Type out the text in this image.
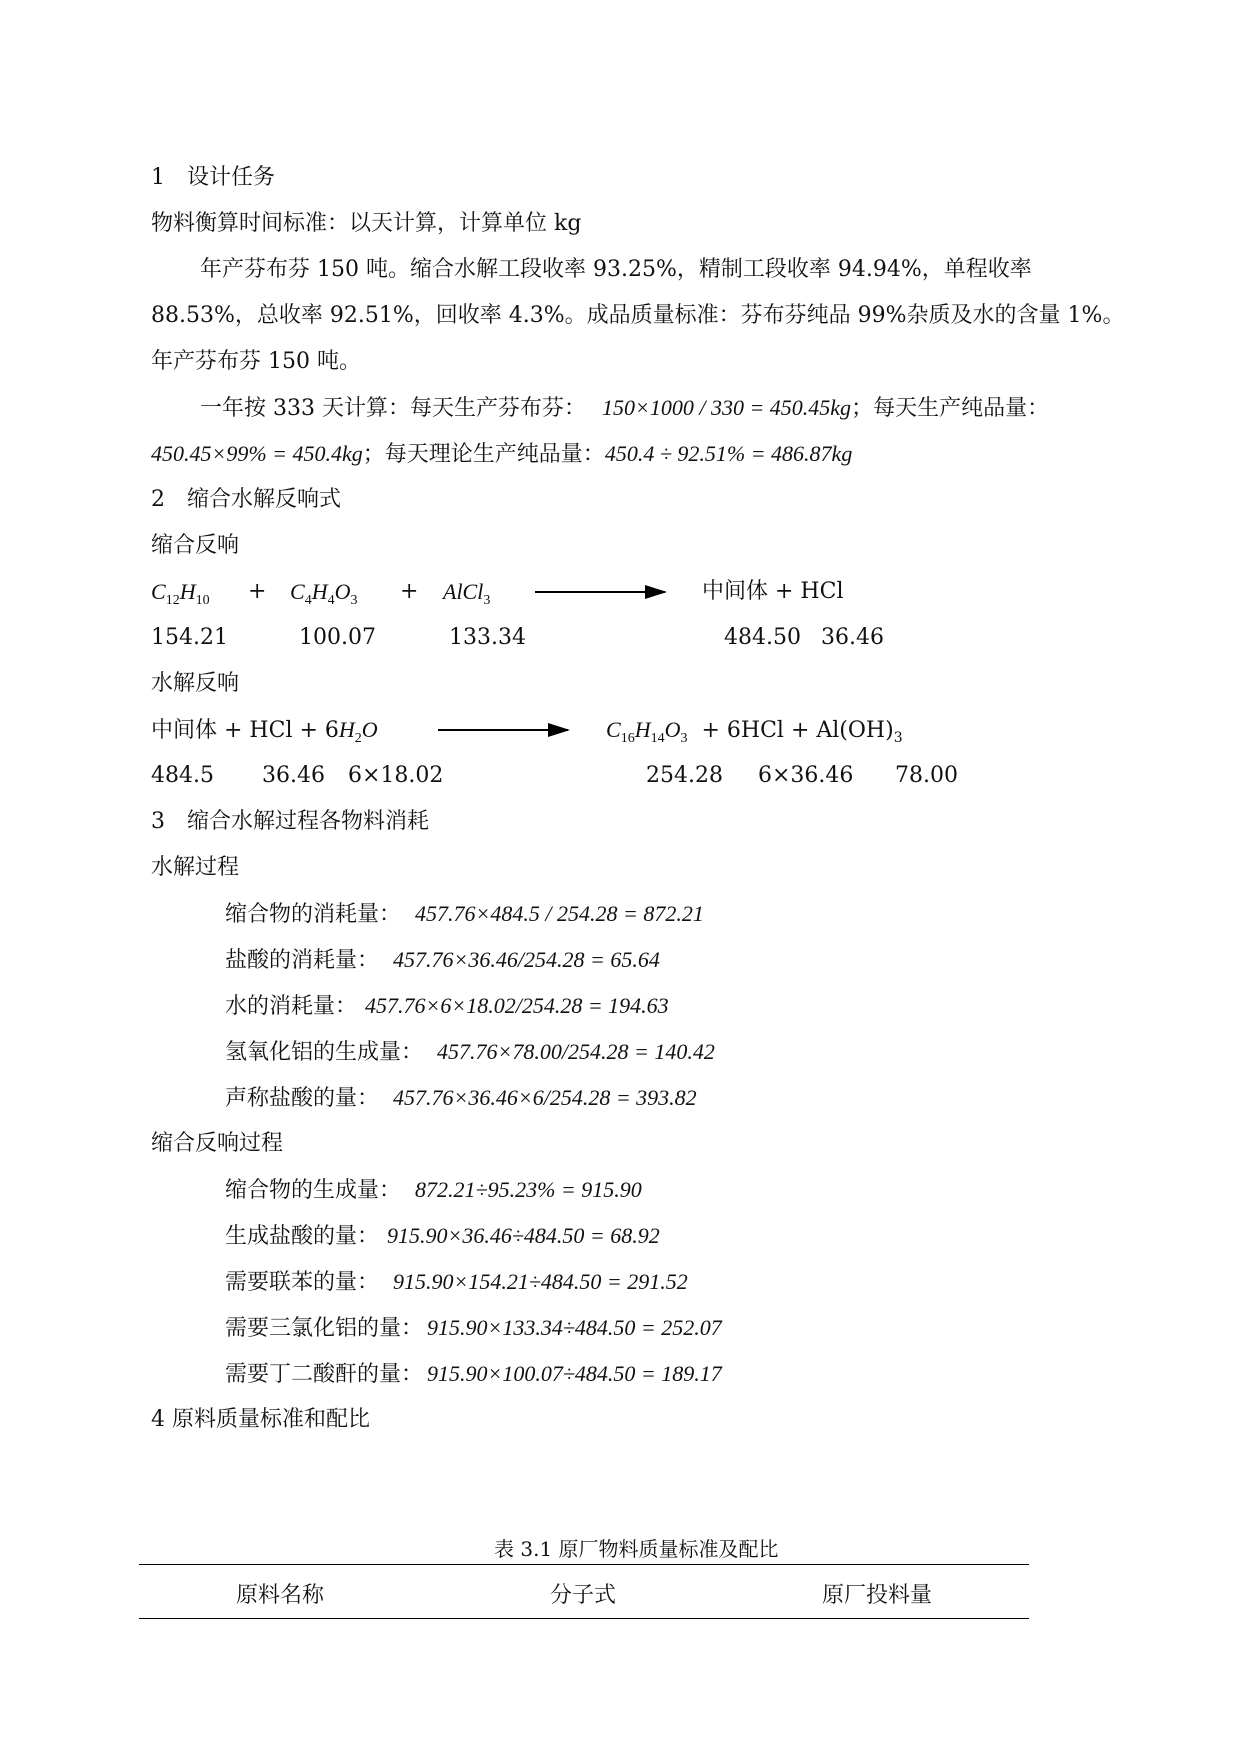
1　设计任务
物料衡算时间标准：以天计算，计算单位 kg
年产芬布芬 150 吨。缩合水解工段收率 93.25%，精制工段收率 94.94%，单程收率
88.53%，总收率 92.51%，回收率 4.3%。成品质量标准：芬布芬纯品 99%杂质及水的含量 1%。
年产芬布芬 150 吨。
一年按 333 天计算：每天生产芬布芬： 150×1000 / 330 = 450.45kg；每天生产纯品量：
450.45×99% = 450.4kg；每天理论生产纯品量：450.4 ÷ 92.51% = 486.87kg
2　缩合水解反响式
缩合反响
$C_{12}H_{10} + C_4H_4O_3$ + AlCl$_3$	中间体 + HCl
154.21	100.07	133.34	484.50 36.46
水解反响
中间体 + HCl + $6H_2O$	$C_{16}H_{14}O_3 + 6HCl + Al(OH)_3$
484.5 36.46 6×18.02	254.28 6×36.46 78.00
3　缩合水解过程各物料消耗
水解过程
缩合物的消耗量： 457.76×484.5 / 254.28 = 872.21
盐酸的消耗量： 457.76×36.46/254.28 = 65.64
水的消耗量： 457.76×6×18.02/254.28 = 194.63
氢氧化铝的生成量： 457.76×78.00/254.28 = 140.42
声称盐酸的量： 457.76×36.46×6/254.28 = 393.82
缩合反响过程
缩合物的生成量： 872.21÷95.23% = 915.90
生成盐酸的量： 915.90×36.46÷484.50 = 68.92
需要联苯的量： 915.90×154.21÷484.50 = 291.52
需要三氯化铝的量： 915.90×133.34÷484.50 = 252.07
需要丁二酸酐的量： 915.90×100.07÷484.50 = 189.17
4 原料质量标准和配比
表 3.1 原厂物料质量标准及配比
原料名称	分子式	原厂投料量
